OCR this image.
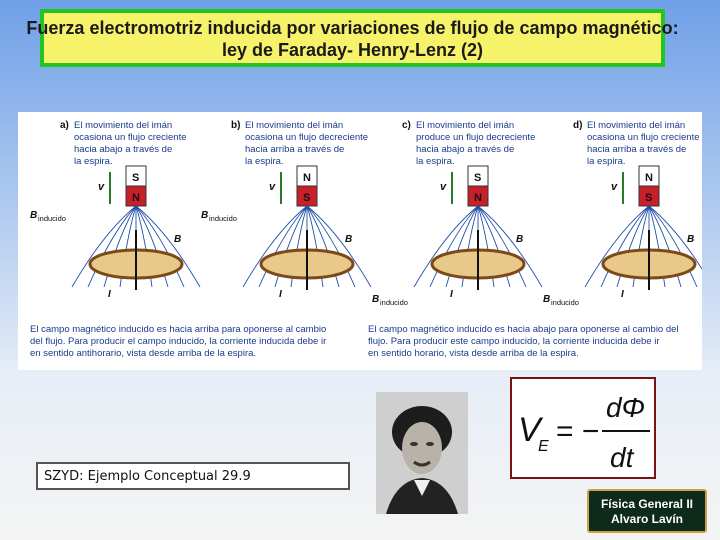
Fuerza electromotriz inducida por variaciones de flujo de campo magnético:
ley de Faraday- Henry-Lenz (2)
a) El movimiento del imán
ocasiona un flujo creciente
hacia abajo a través de
la espira.
S
N
v
B
B inducido
I
b) El movimiento del imán
ocasiona un flujo decreciente
hacia arriba a través de
la espira.
N
S
v
B
B inducido
I
c) El movimiento del imán
produce un flujo decreciente
hacia abajo a través de
la espira.
S
N
v
B
B inducido
I
d) El movimiento del imán
ocasiona un flujo creciente
hacia arriba a través de
la espira.
N
S
v
B
B inducido
I
El campo magnético inducido es hacia arriba para oponerse al cambio
del flujo. Para producir el campo inducido, la corriente inducida debe ir
en sentido antihorario, vista desde arriba de la espira.
El campo magnético inducido es hacia abajo para oponerse al cambio del
flujo. Para producir este campo inducido, la corriente inducida debe ir
en sentido horario, vista desde arriba de la espira.
SZYD: Ejemplo Conceptual 29.9
V
E = −
dΦ
dt
Física General II
Alvaro Lavín
